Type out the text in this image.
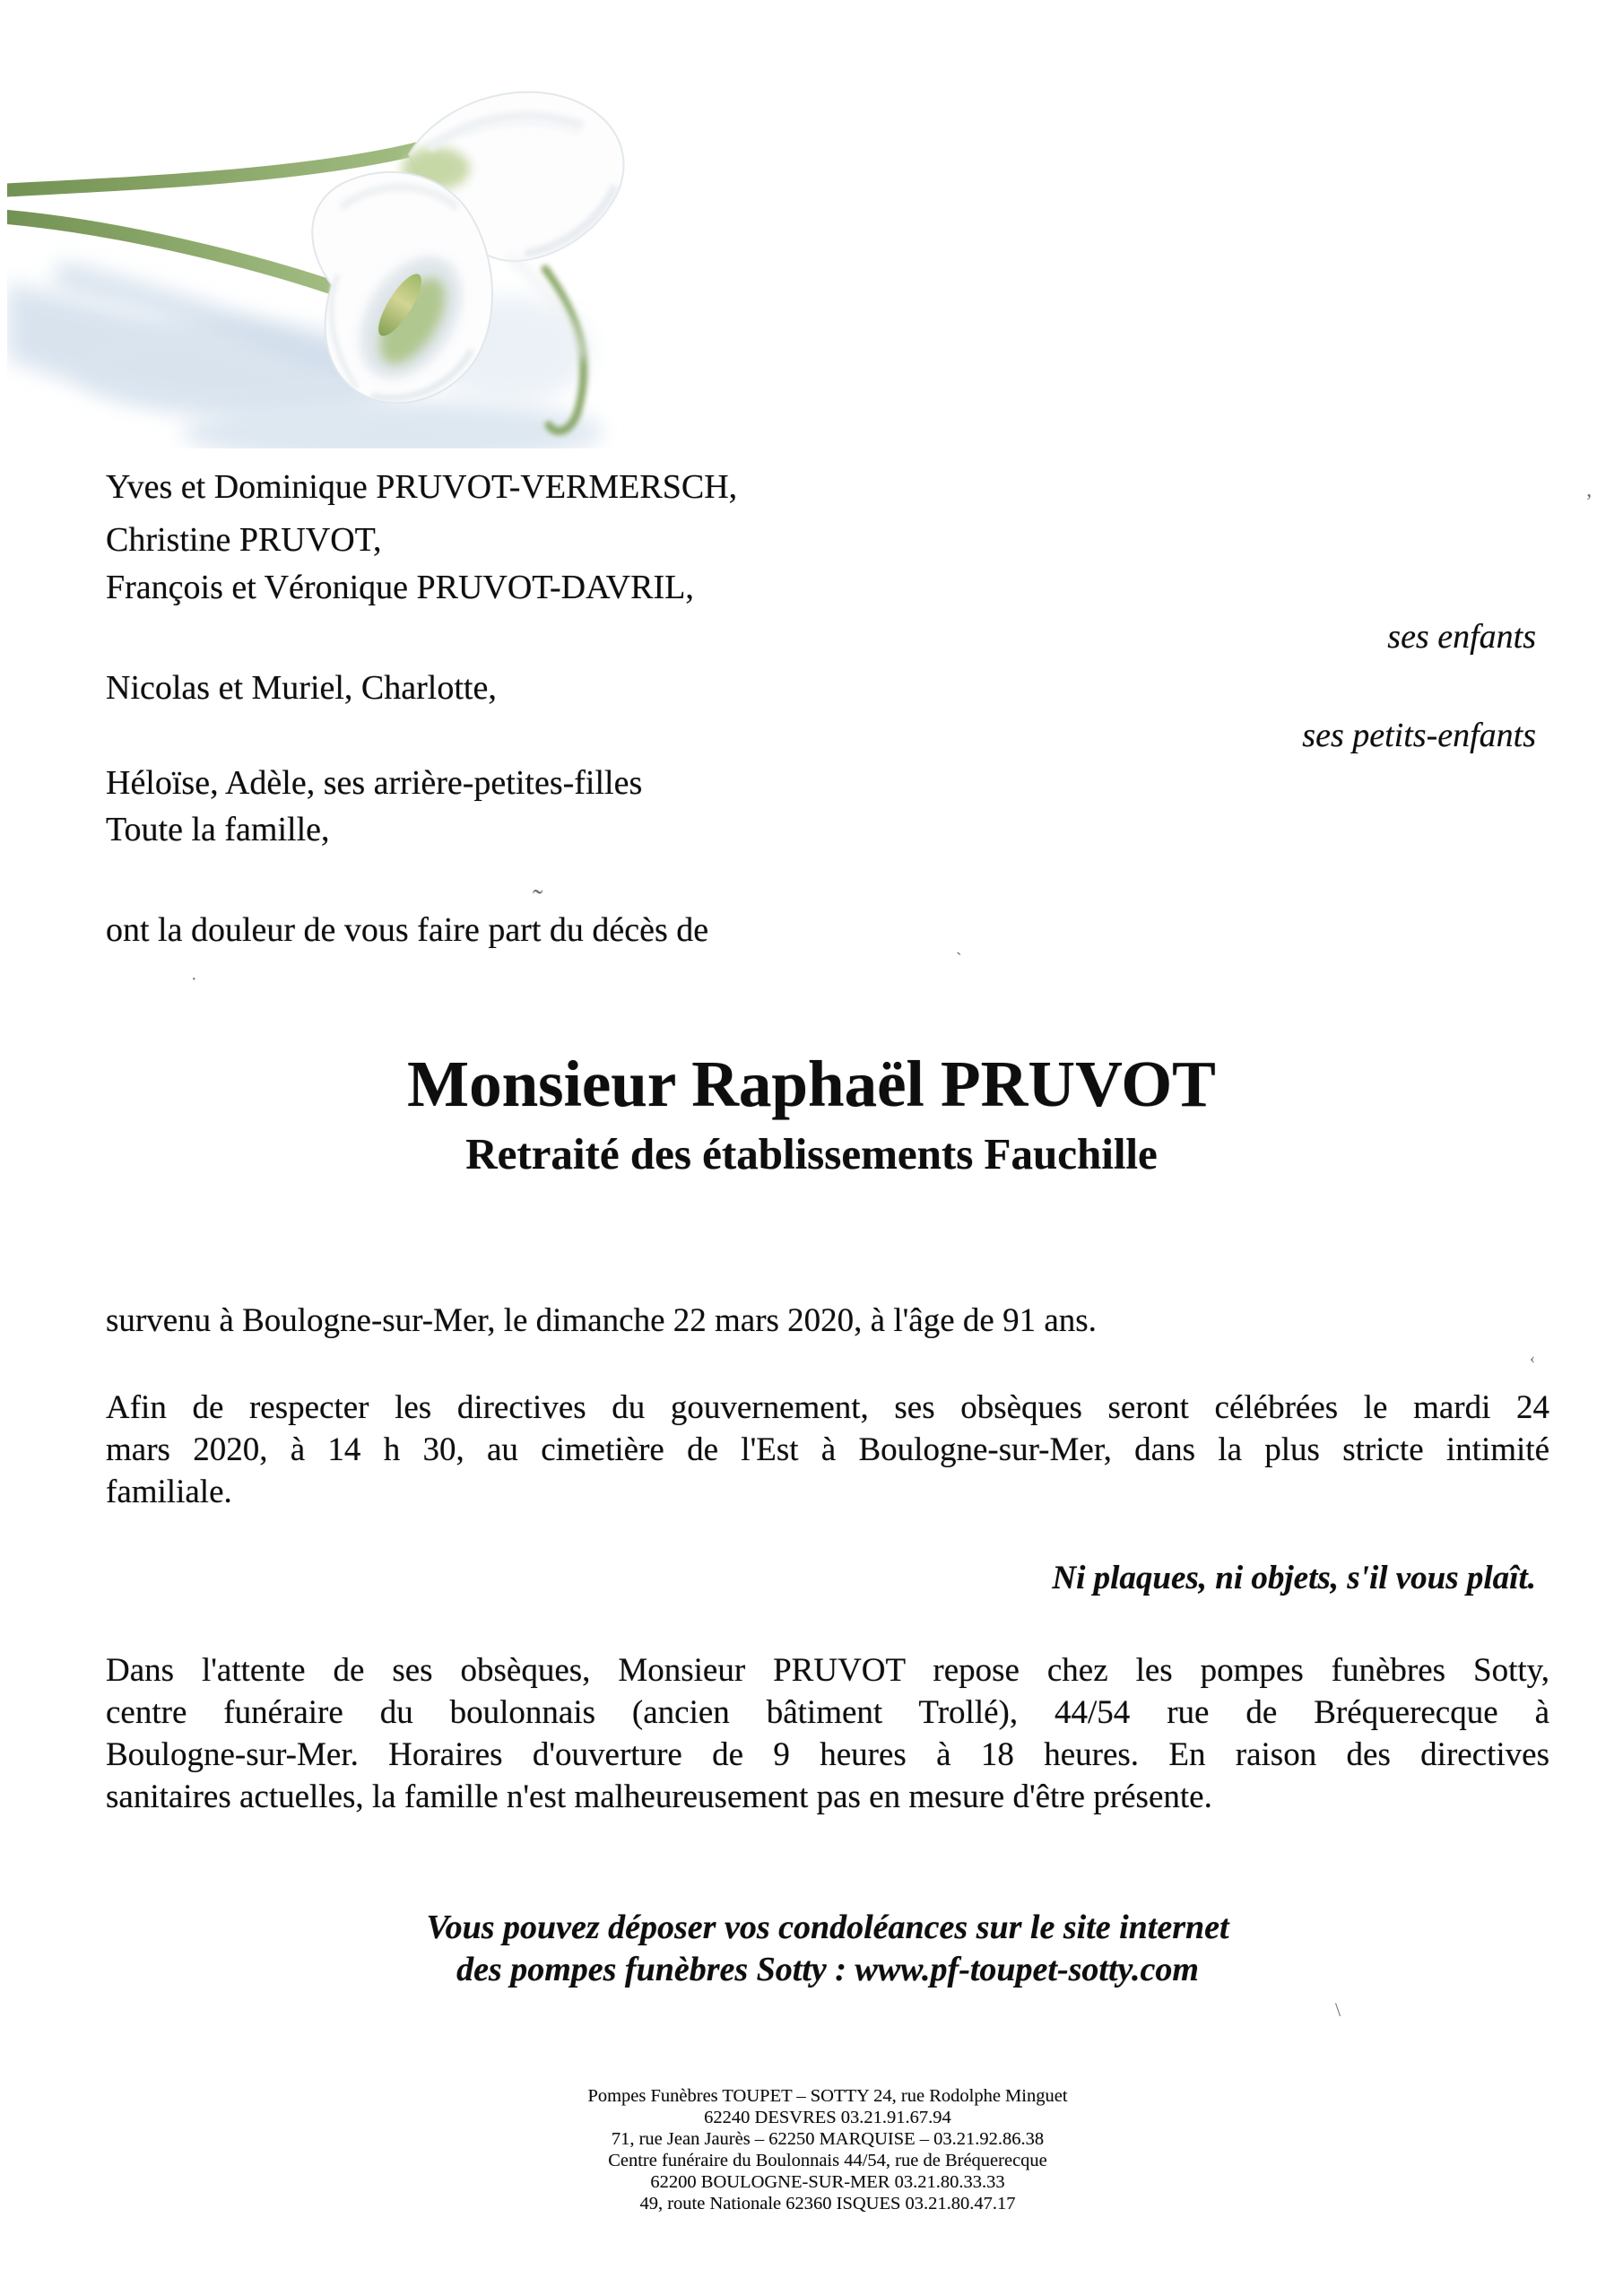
Yves et Dominique PRUVOT-VERMERSCH,
Christine PRUVOT,
François et Véronique PRUVOT-DAVRIL,
ses enfants
Nicolas et Muriel, Charlotte,
ses petits-enfants
Héloïse, Adèle, ses arrière-petites-filles
Toute la famille,
ont la douleur de vous faire part du décès de
Monsieur Raphaël PRUVOT
Retraité des établissements Fauchille
survenu à Boulogne-sur-Mer, le dimanche 22 mars 2020, à l'âge de 91 ans.
Afin de respecter les directives du gouvernement, ses obsèques seront célébrées le mardi 24
mars 2020, à 14 h 30, au cimetière de l'Est à Boulogne-sur-Mer, dans la plus stricte intimité
familiale.
Ni plaques, ni objets, s'il vous plaît.
Dans l'attente de ses obsèques, Monsieur PRUVOT repose chez les pompes funèbres Sotty,
centre funéraire du boulonnais (ancien bâtiment Trollé), 44/54 rue de Bréquerecque à
Boulogne-sur-Mer. Horaires d'ouverture de 9 heures à 18 heures. En raison des directives
sanitaires actuelles, la famille n'est malheureusement pas en mesure d'être présente.
Vous pouvez déposer vos condoléances sur le site internet
des pompes funèbres Sotty : www.pf-toupet-sotty.com
Pompes Funèbres TOUPET – SOTTY 24, rue Rodolphe Minguet
62240 DESVRES 03.21.91.67.94
71, rue Jean Jaurès – 62250 MARQUISE – 03.21.92.86.38
Centre funéraire du Boulonnais 44/54, rue de Bréquerecque
62200 BOULOGNE-SUR-MER 03.21.80.33.33
49, route Nationale 62360 ISQUES 03.21.80.47.17
’
˜
·
`
‹
\
